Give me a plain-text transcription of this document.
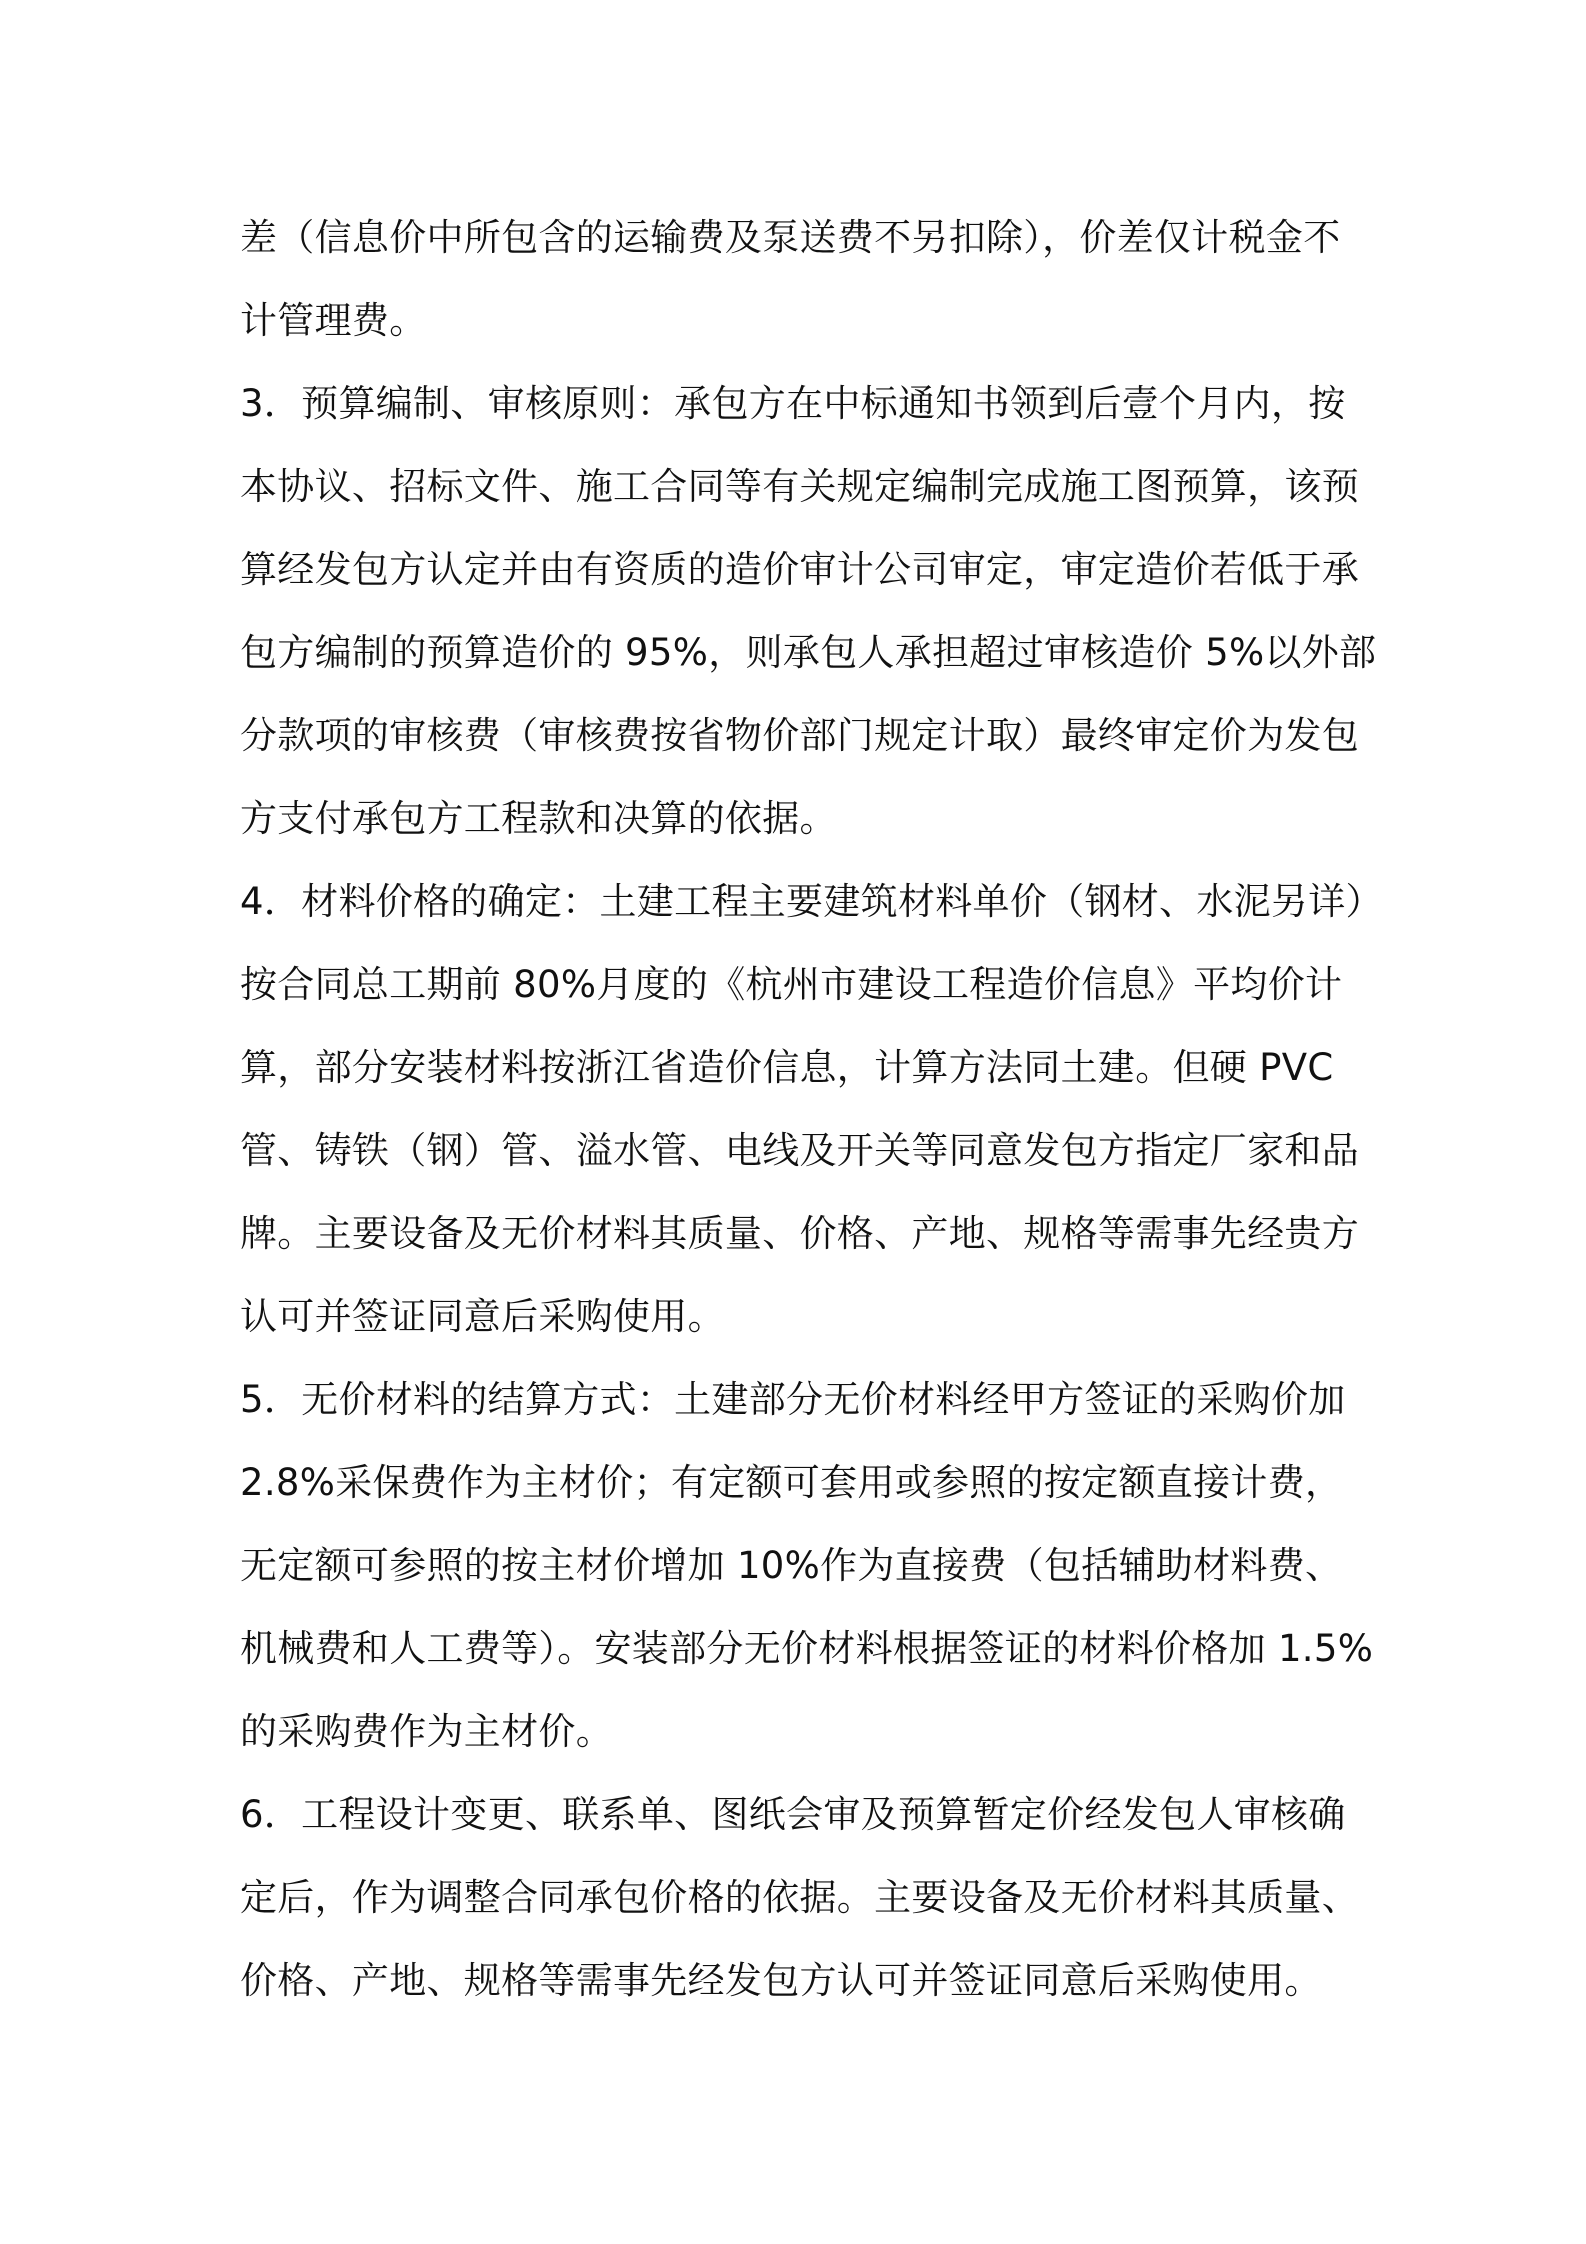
差（信息价中所包含的运输费及泵送费不另扣除），价差仅计税金不
计管理费。
3．预算编制、审核原则：承包方在中标通知书领到后壹个月内，按
本协议、招标文件、施工合同等有关规定编制完成施工图预算，该预
算经发包方认定并由有资质的造价审计公司审定，审定造价若低于承
包方编制的预算造价的 95%，则承包人承担超过审核造价 5%以外部
分款项的审核费（审核费按省物价部门规定计取）最终审定价为发包
方支付承包方工程款和决算的依据。
4．材料价格的确定：土建工程主要建筑材料单价（钢材、水泥另详）
按合同总工期前 80%月度的《杭州市建设工程造价信息》平均价计
算，部分安装材料按浙江省造价信息，计算方法同土建。但硬 PVC
管、铸铁（钢）管、溢水管、电线及开关等同意发包方指定厂家和品
牌。主要设备及无价材料其质量、价格、产地、规格等需事先经贵方
认可并签证同意后采购使用。
5．无价材料的结算方式：土建部分无价材料经甲方签证的采购价加
2.8%采保费作为主材价；有定额可套用或参照的按定额直接计费，
无定额可参照的按主材价增加 10%作为直接费（包括辅助材料费、
机械费和人工费等）。安装部分无价材料根据签证的材料价格加 1.5%
的采购费作为主材价。
6．工程设计变更、联系单、图纸会审及预算暂定价经发包人审核确
定后，作为调整合同承包价格的依据。主要设备及无价材料其质量、
价格、产地、规格等需事先经发包方认可并签证同意后采购使用。
